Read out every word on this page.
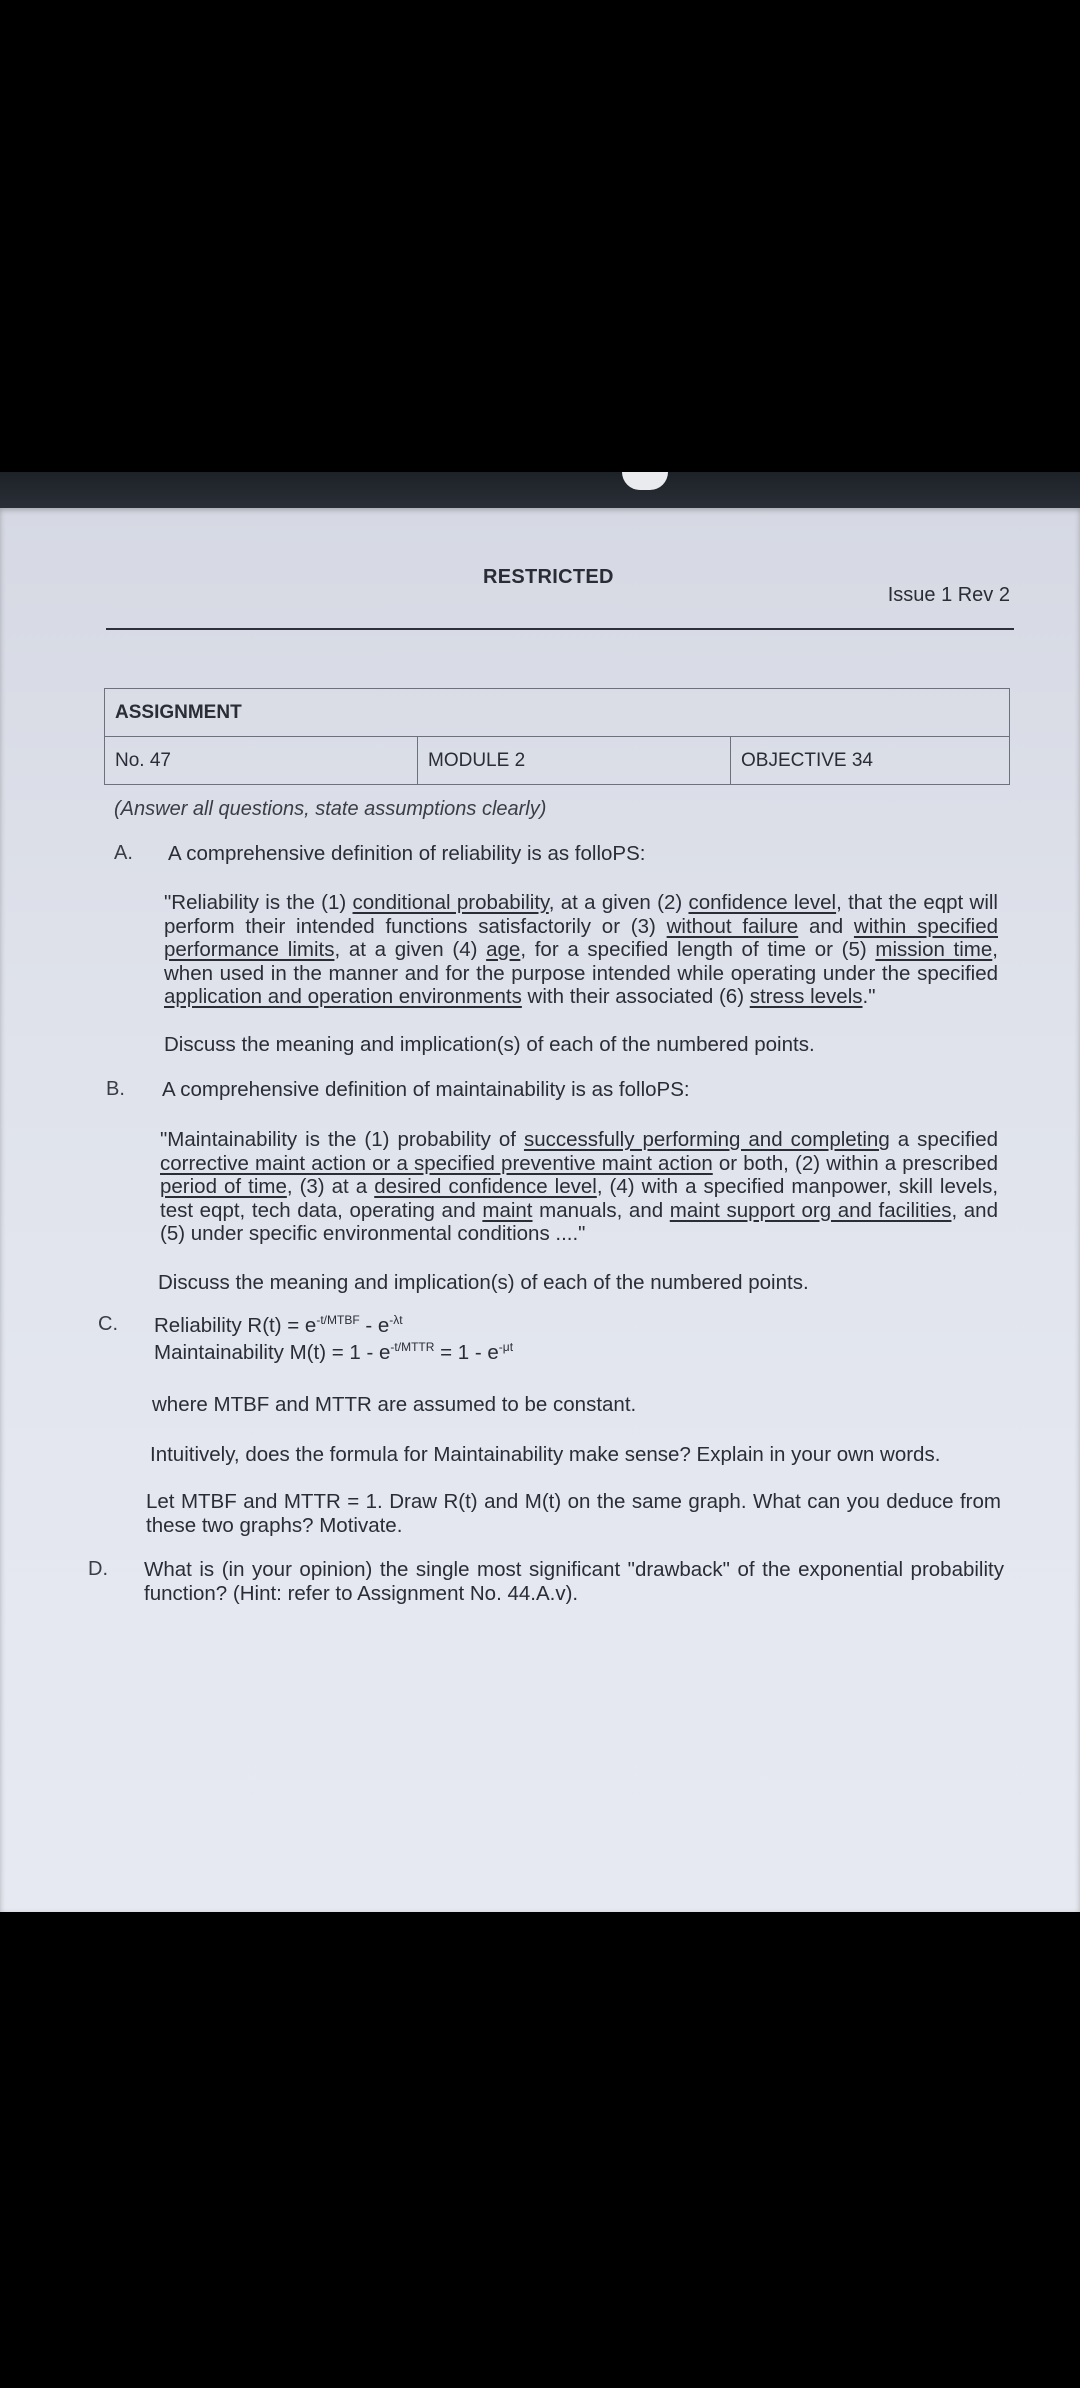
RESTRICTED
Issue 1 Rev 2
ASSIGNMENT
No. 47	MODULE 2	OBJECTIVE 34
(Answer all questions, state assumptions clearly)
A. A comprehensive definition of reliability is as folloPS:
"Reliability is the (1) conditional probability, at a given (2) confidence level, that the eqpt will perform their intended functions satisfactorily or (3) without failure and within specified performance limits, at a given (4) age, for a specified length of time or (5) mission time, when used in the manner and for the purpose intended while operating under the specified application and operation environments with their associated (6) stress levels."
Discuss the meaning and implication(s) of each of the numbered points.
B. A comprehensive definition of maintainability is as folloPS:
"Maintainability is the (1) probability of successfully performing and completing a specified corrective maint action or a specified preventive maint action or both, (2) within a prescribed period of time, (3) at a desired confidence level, (4) with a specified manpower, skill levels, test eqpt, tech data, operating and maint manuals, and maint support org and facilities, and (5) under specific environmental conditions ...."
Discuss the meaning and implication(s) of each of the numbered points.
C. Reliability $R(t) = e^{-t/MTBF} - e^{-\lambda t}$
Maintainability $M(t) = 1 - e^{-t/MTTR} = 1 - e^{-\mu t}$
where MTBF and MTTR are assumed to be constant.
Intuitively, does the formula for Maintainability make sense? Explain in your own words.
Let MTBF and MTTR = 1. Draw R(t) and M(t) on the same graph. What can you deduce from these two graphs? Motivate.
D. What is (in your opinion) the single most significant "drawback" of the exponential probability function? (Hint: refer to Assignment No. 44.A.v).
